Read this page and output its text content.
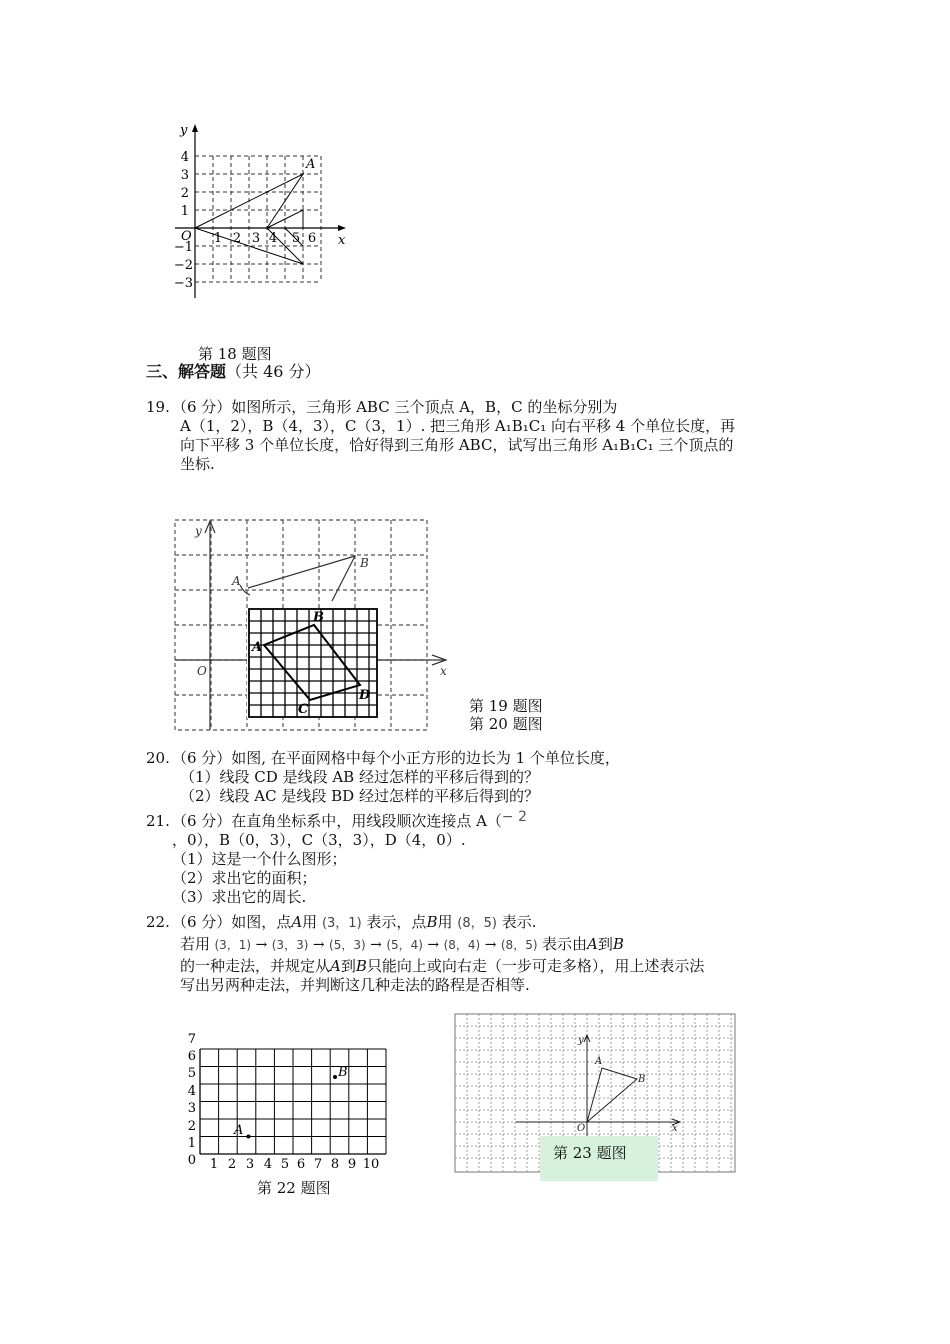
y
x
O
A
4
3
2
1
−1
−2
−3
1 2 3 4 5 6
第 18 题图
三、解答题（共 46 分）
19. （6 分）如图所示，三角形 ABC 三个顶点 A，B，C 的坐标分别为
A（1，2），B（4，3），C（3，1）. 把三角形 A₁B₁C₁ 向右平移 4 个单位长度，再
向下平移 3 个单位长度，恰好得到三角形 ABC，试写出三角形 A₁B₁C₁ 三个顶点的
坐标.
y
x
O
A
B
A
B
C
D
第 19 题图
第 20 题图
20. （6 分）如图, 在平面网格中每个小正方形的边长为 1 个单位长度，
（1）线段 CD 是线段 AB 经过怎样的平移后得到的？
（2）线段 AC 是线段 BD 经过怎样的平移后得到的？
21. （6 分）在直角坐标系中，用线段顺次连接点 A（− 2
，0），B（0，3），C（3，3），D（4，0）.
（1）这是一个什么图形；
（2）求出它的面积；
（3）求出它的周长.
22. （6 分）如图，点A用 (3，1) 表示，点B用 (8，5) 表示.
若用 (3，1) → (3，3) → (5，3) → (5，4) → (8，4) → (8，5) 表示由A到B
的一种走法，并规定从A到B只能向上或向右走（一步可走多格），用上述表示法
写出另两种走法，并判断这几种走法的路程是否相等.
A
B
7
6
5
4
3
2
1
0 1 2 3 4 5 6 7 8 9 10
第 22 题图
y
x
O
A
B
第 23 题图
